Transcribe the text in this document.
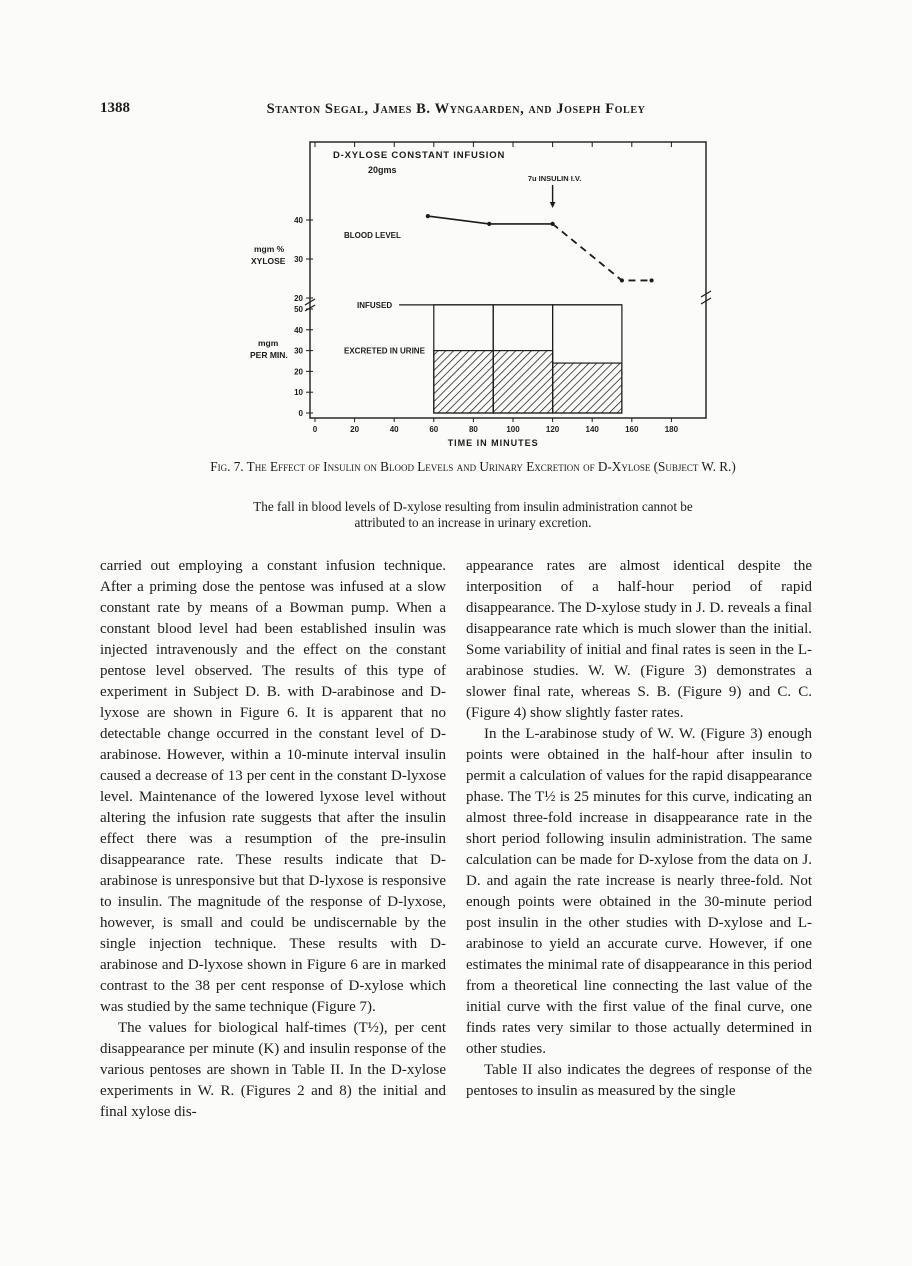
1388	Stanton Segal, James B. Wyngaarden, and Joseph Foley
0	20	40	60	80	100	120	140	160	180
TIME IN MINUTES
20
30
40
0
10
20
30
40
50
mgm %
XYLOSE
mgm
PER MIN.
D-XYLOSE CONSTANT INFUSION
20gms
7u INSULIN I.V.
BLOOD LEVEL
INFUSED
EXCRETED IN URINE
Fig. 7. The Effect of Insulin on Blood Levels and Urinary Excretion of D-Xylose (Subject W. R.)
The fall in blood levels of D-xylose resulting from insulin administration cannot be attributed to an increase in urinary excretion.

carried out employing a constant infusion technique. After a priming dose the pentose was infused at a slow constant rate by means of a Bowman pump. When a constant blood level had been established insulin was injected intravenously and the effect on the constant pentose level observed. The results of this type of experiment in Subject D. B. with D-arabinose and D-lyxose are shown in Figure 6. It is apparent that no detectable change occurred in the constant level of D-arabinose. However, within a 10-minute interval insulin caused a decrease of 13 per cent in the constant D-lyxose level. Maintenance of the lowered lyxose level without altering the infusion rate suggests that after the insulin effect there was a resumption of the pre-insulin disappearance rate. These results indicate that D-arabinose is unresponsive but that D-lyxose is responsive to insulin. The magnitude of the response of D-lyxose, however, is small and could be undiscernable by the single injection technique. These results with D-arabinose and D-lyxose shown in Figure 6 are in marked contrast to the 38 per cent response of D-xylose which was studied by the same technique (Figure 7).

The values for biological half-times (T½), per cent disappearance per minute (K) and insulin response of the various pentoses are shown in Table II. In the D-xylose experiments in W. R. (Figures 2 and 8) the initial and final xylose dis-

appearance rates are almost identical despite the interposition of a half-hour period of rapid disappearance. The D-xylose study in J. D. reveals a final disappearance rate which is much slower than the initial. Some variability of initial and final rates is seen in the L-arabinose studies. W. W. (Figure 3) demonstrates a slower final rate, whereas S. B. (Figure 9) and C. C. (Figure 4) show slightly faster rates.

In the L-arabinose study of W. W. (Figure 3) enough points were obtained in the half-hour after insulin to permit a calculation of values for the rapid disappearance phase. The T½ is 25 minutes for this curve, indicating an almost three-fold increase in disappearance rate in the short period following insulin administration. The same calculation can be made for D-xylose from the data on J. D. and again the rate increase is nearly three-fold. Not enough points were obtained in the 30-minute period post insulin in the other studies with D-xylose and L-arabinose to yield an accurate curve. However, if one estimates the minimal rate of disappearance in this period from a theoretical line connecting the last value of the initial curve with the first value of the final curve, one finds rates very similar to those actually determined in other studies.

Table II also indicates the degrees of response of the pentoses to insulin as measured by the single
